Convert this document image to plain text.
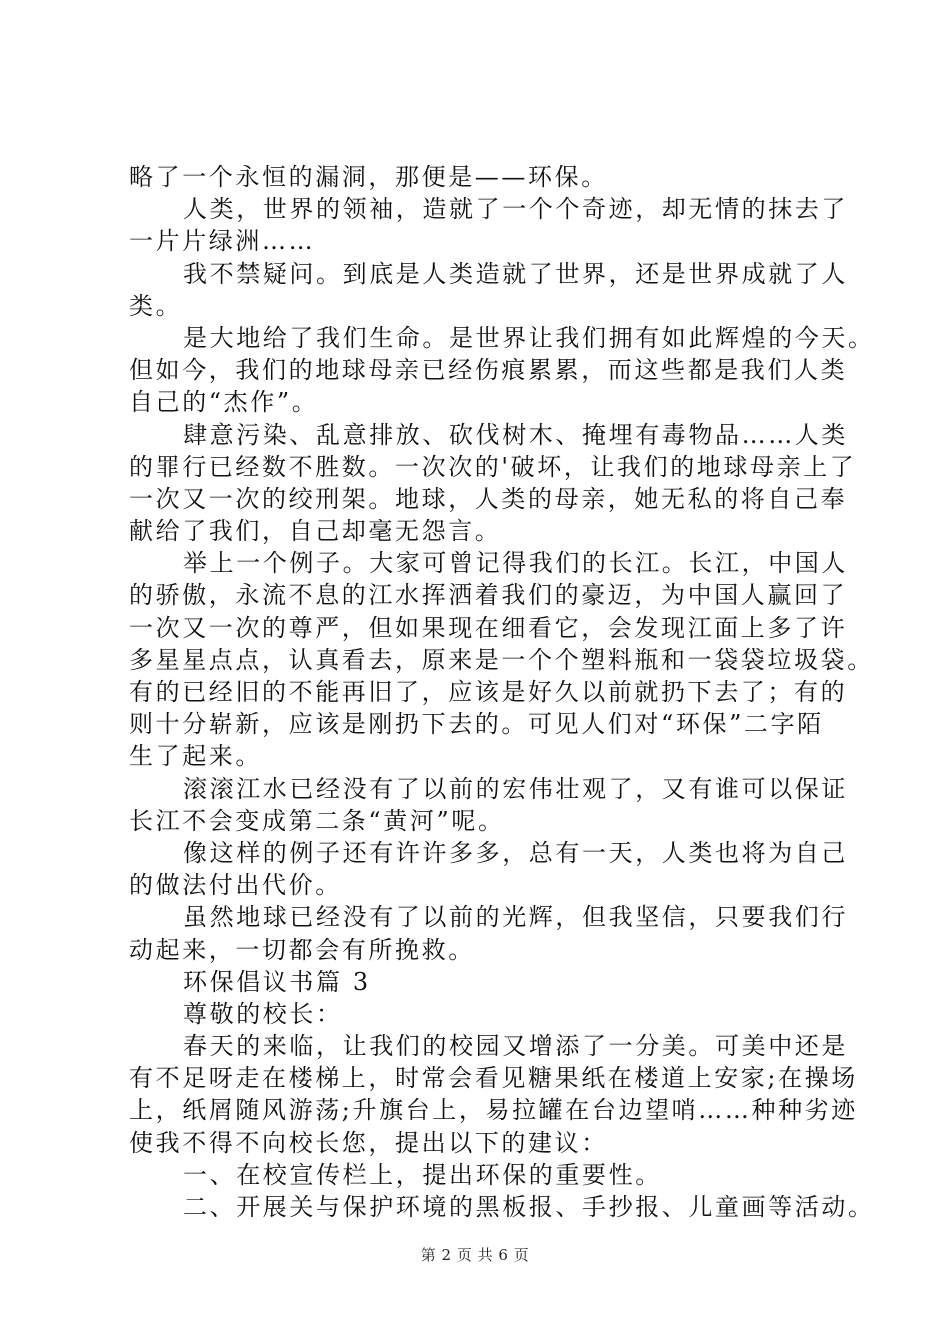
略了一个永恒的漏洞，那便是——环保。
人类，世界的领袖，造就了一个个奇迹，却无情的抹去了
一片片绿洲……
我不禁疑问。到底是人类造就了世界，还是世界成就了人
类。
是大地给了我们生命。是世界让我们拥有如此辉煌的今天。
但如今，我们的地球母亲已经伤痕累累，而这些都是我们人类
自己的“杰作”。
肆意污染、乱意排放、砍伐树木、掩埋有毒物品……人类
的罪行已经数不胜数。一次次的'破坏，让我们的地球母亲上了
一次又一次的绞刑架。地球，人类的母亲，她无私的将自己奉
献给了我们，自己却毫无怨言。
举上一个例子。大家可曾记得我们的长江。长江，中国人
的骄傲，永流不息的江水挥洒着我们的豪迈，为中国人赢回了
一次又一次的尊严，但如果现在细看它，会发现江面上多了许
多星星点点，认真看去，原来是一个个塑料瓶和一袋袋垃圾袋。
有的已经旧的不能再旧了，应该是好久以前就扔下去了；有的
则十分崭新，应该是刚扔下去的。可见人们对“环保”二字陌
生了起来。
滚滚江水已经没有了以前的宏伟壮观了，又有谁可以保证
长江不会变成第二条“黄河”呢。
像这样的例子还有许许多多，总有一天，人类也将为自己
的做法付出代价。
虽然地球已经没有了以前的光辉，但我坚信，只要我们行
动起来，一切都会有所挽救。
环保倡议书篇 3
尊敬的校长：
春天的来临，让我们的校园又增添了一分美。可美中还是
有不足呀走在楼梯上，时常会看见糖果纸在楼道上安家;在操场
上，纸屑随风游荡;升旗台上，易拉罐在台边望哨……种种劣迹
使我不得不向校长您，提出以下的建议：
一、在校宣传栏上，提出环保的重要性。
二、开展关与保护环境的黑板报、手抄报、儿童画等活动。
第 2 页 共 6 页
